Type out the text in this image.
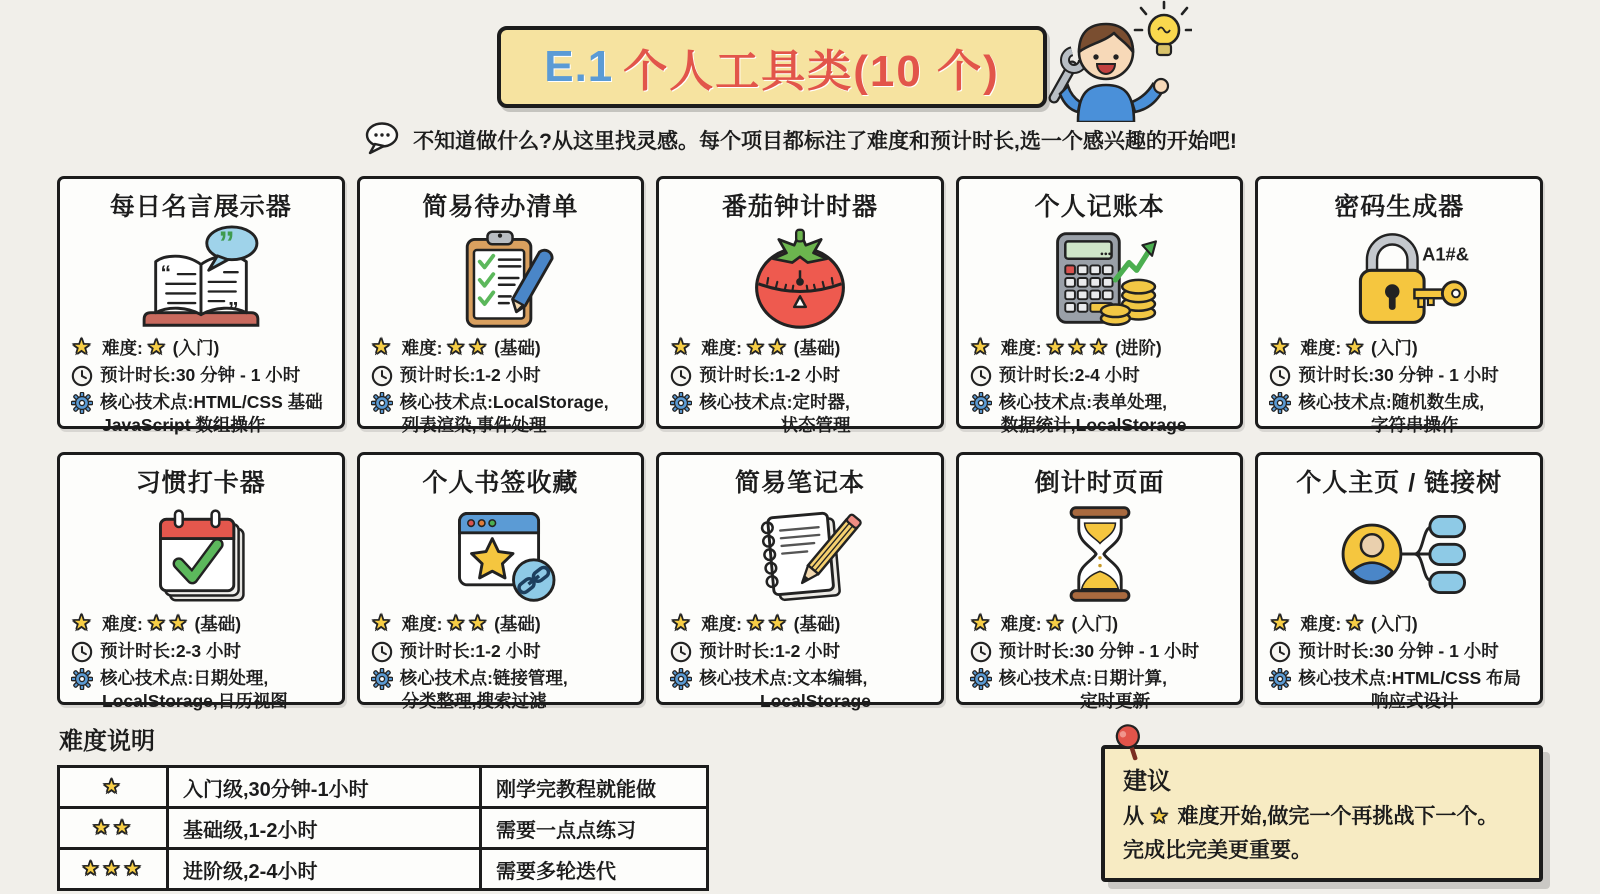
E.1 个人工具类(10 个)
不知道做什么?从这里找灵感。每个项目都标注了难度和预计时长,选一个感兴趣的开始吧!
每日名言展示器
“
”
”
★ 难度: ★ (入门)
预计时长:30 分钟 - 1 小时
核心技术点:HTML/CSS 基础
JavaScript 数组操作
简易待办清单
★ 难度: ★★ (基础)
预计时长:1-2 小时
核心技术点:LocalStorage,
列表渲染,事件处理
番茄钟计时器
★ 难度: ★★ (基础)
预计时长:1-2 小时
核心技术点:定时器,
状态管理
个人记账本
★ 难度: ★★★ (进阶)
预计时长:2-4 小时
核心技术点:表单处理,
数据统计,LocalStorage
密码生成器
A1#&
★ 难度: ★ (入门)
预计时长:30 分钟 - 1 小时
核心技术点:随机数生成,
字符串操作
习惯打卡器
★ 难度: ★★ (基础)
预计时长:2-3 小时
核心技术点:日期处理,
LocalStorage,日历视图
个人书签收藏
★ 难度: ★★ (基础)
预计时长:1-2 小时
核心技术点:链接管理,
分类整理,搜索过滤
简易笔记本
★ 难度: ★★ (基础)
预计时长:1-2 小时
核心技术点:文本编辑,
LocalStorage
倒计时页面
★ 难度: ★ (入门)
预计时长:30 分钟 - 1 小时
核心技术点:日期计算,
定时更新
个人主页 / 链接树
★ 难度: ★ (入门)
预计时长:30 分钟 - 1 小时
核心技术点:HTML/CSS 布局
响应式设计
难度说明
★	入门级,30分钟-1小时	刚学完教程就能做
★★	基础级,1-2小时	需要一点点练习
★★★	进阶级,2-4小时	需要多轮迭代
建议
从 ★ 难度开始,做完一个再挑战下一个。
完成比完美更重要。
